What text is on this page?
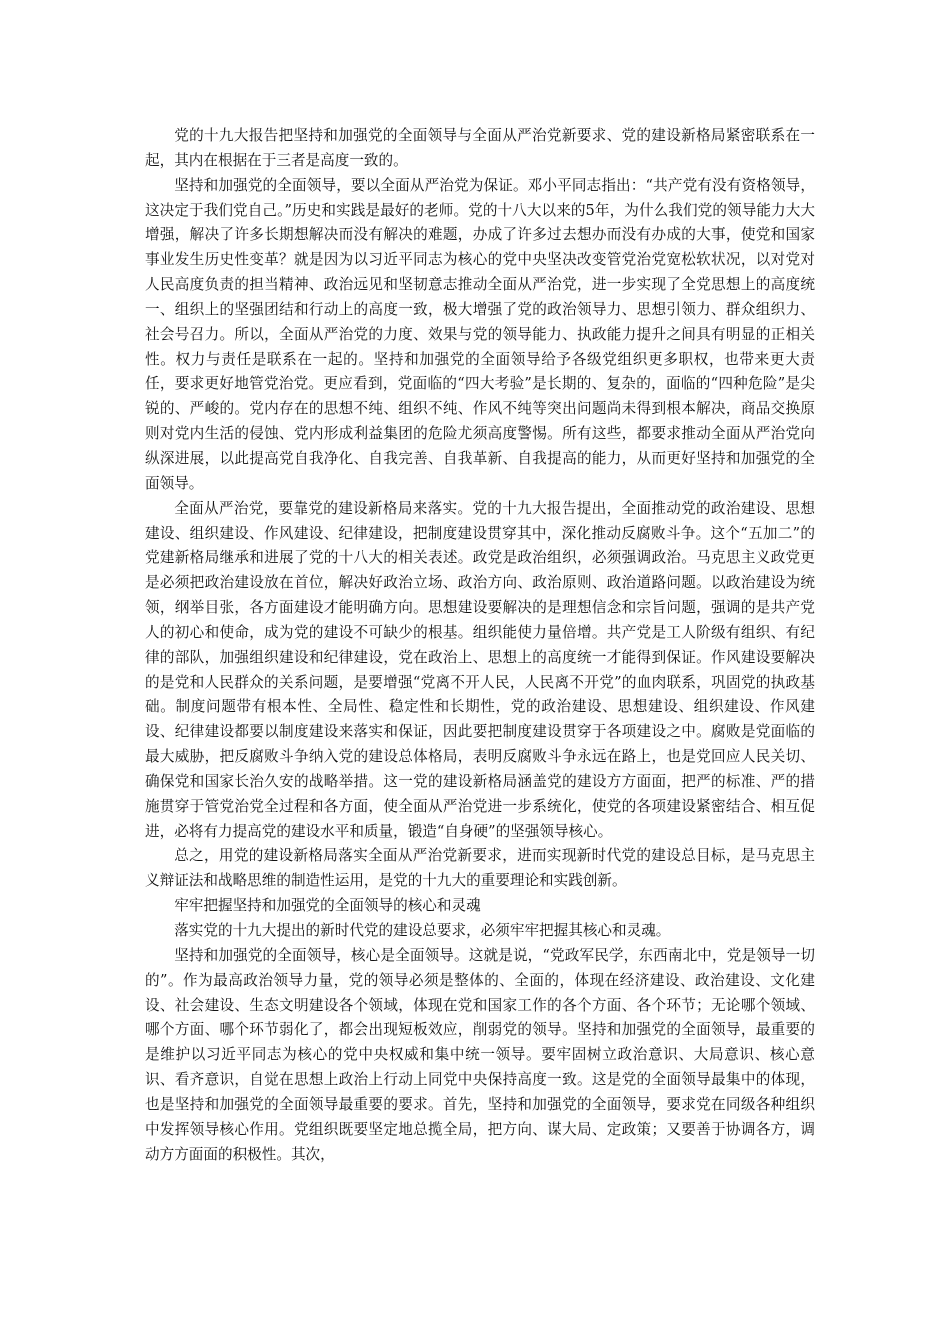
党的十九大报告把坚持和加强党的全面领导与全面从严治党新要求、党的建设新格局紧密联系在一起，其内在根据在于三者是高度一致的。

坚持和加强党的全面领导，要以全面从严治党为保证。邓小平同志指出：“共产党有没有资格领导，这决定于我们党自己。”历史和实践是最好的老师。党的十八大以来的5年，为什么我们党的领导能力大大增强，解决了许多长期想解决而没有解决的难题，办成了许多过去想办而没有办成的大事，使党和国家事业发生历史性变革？就是因为以习近平同志为核心的党中央坚决改变管党治党宽松软状况，以对党对人民高度负责的担当精神、政治远见和坚韧意志推动全面从严治党，进一步实现了全党思想上的高度统一、组织上的坚强团结和行动上的高度一致，极大增强了党的政治领导力、思想引领力、群众组织力、社会号召力。所以，全面从严治党的力度、效果与党的领导能力、执政能力提升之间具有明显的正相关性。权力与责任是联系在一起的。坚持和加强党的全面领导给予各级党组织更多职权，也带来更大责任，要求更好地管党治党。更应看到，党面临的“四大考验”是长期的、复杂的，面临的“四种危险”是尖锐的、严峻的。党内存在的思想不纯、组织不纯、作风不纯等突出问题尚未得到根本解决，商品交换原则对党内生活的侵蚀、党内形成利益集团的危险尤须高度警惕。所有这些，都要求推动全面从严治党向纵深进展，以此提高党自我净化、自我完善、自我革新、自我提高的能力，从而更好坚持和加强党的全面领导。

全面从严治党，要靠党的建设新格局来落实。党的十九大报告提出，全面推动党的政治建设、思想建设、组织建设、作风建设、纪律建设，把制度建设贯穿其中，深化推动反腐败斗争。这个“五加二”的党建新格局继承和进展了党的十八大的相关表述。政党是政治组织，必须强调政治。马克思主义政党更是必须把政治建设放在首位，解决好政治立场、政治方向、政治原则、政治道路问题。以政治建设为统领，纲举目张，各方面建设才能明确方向。思想建设要解决的是理想信念和宗旨问题，强调的是共产党人的初心和使命，成为党的建设不可缺少的根基。组织能使力量倍增。共产党是工人阶级有组织、有纪律的部队，加强组织建设和纪律建设，党在政治上、思想上的高度统一才能得到保证。作风建设要解决的是党和人民群众的关系问题，是要增强“党离不开人民，人民离不开党”的血肉联系，巩固党的执政基础。制度问题带有根本性、全局性、稳定性和长期性，党的政治建设、思想建设、组织建设、作风建设、纪律建设都要以制度建设来落实和保证，因此要把制度建设贯穿于各项建设之中。腐败是党面临的最大威胁，把反腐败斗争纳入党的建设总体格局，表明反腐败斗争永远在路上，也是党回应人民关切、确保党和国家长治久安的战略举措。这一党的建设新格局涵盖党的建设方方面面，把严的标准、严的措施贯穿于管党治党全过程和各方面，使全面从严治党进一步系统化，使党的各项建设紧密结合、相互促进，必将有力提高党的建设水平和质量，锻造“自身硬”的坚强领导核心。

总之，用党的建设新格局落实全面从严治党新要求，进而实现新时代党的建设总目标，是马克思主义辩证法和战略思维的制造性运用，是党的十九大的重要理论和实践创新。

牢牢把握坚持和加强党的全面领导的核心和灵魂

落实党的十九大提出的新时代党的建设总要求，必须牢牢把握其核心和灵魂。

坚持和加强党的全面领导，核心是全面领导。这就是说，“党政军民学，东西南北中，党是领导一切的”。作为最高政治领导力量，党的领导必须是整体的、全面的，体现在经济建设、政治建设、文化建设、社会建设、生态文明建设各个领域，体现在党和国家工作的各个方面、各个环节；无论哪个领域、哪个方面、哪个环节弱化了，都会出现短板效应，削弱党的领导。坚持和加强党的全面领导，最重要的是维护以习近平同志为核心的党中央权威和集中统一领导。要牢固树立政治意识、大局意识、核心意识、看齐意识，自觉在思想上政治上行动上同党中央保持高度一致。这是党的全面领导最集中的体现，也是坚持和加强党的全面领导最重要的要求。首先，坚持和加强党的全面领导，要求党在同级各种组织中发挥领导核心作用。党组织既要坚定地总揽全局，把方向、谋大局、定政策；又要善于协调各方，调动方方面面的积极性。其次，
